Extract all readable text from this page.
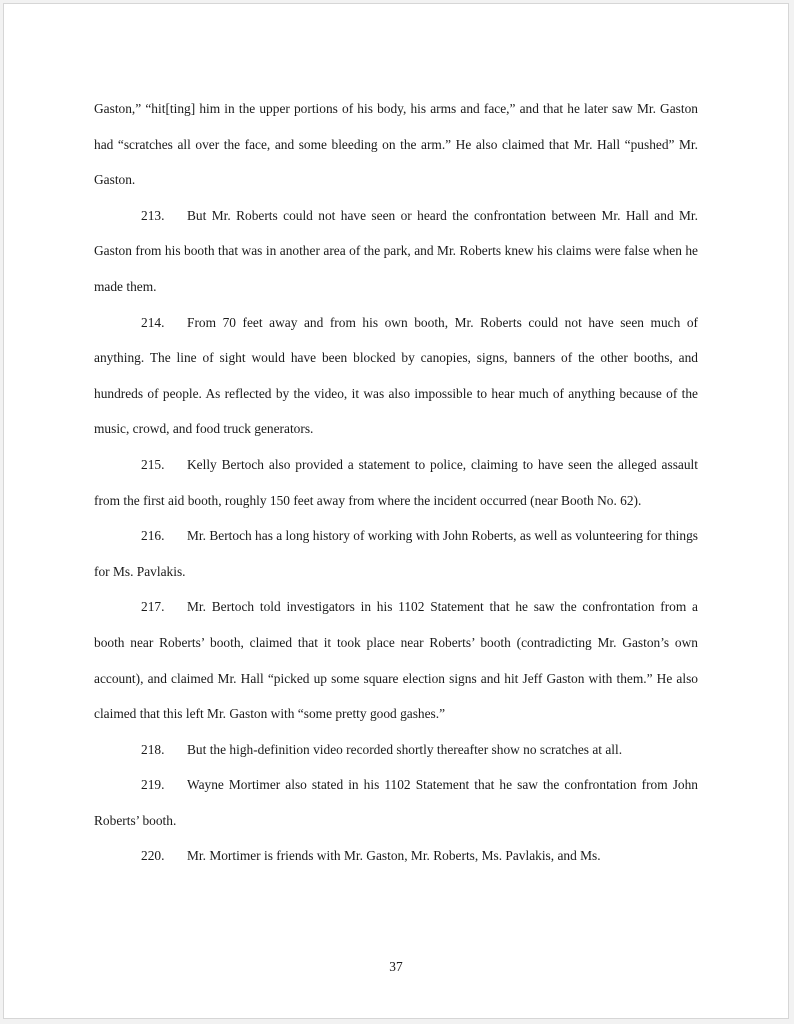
Gaston,” “hit[ting] him in the upper portions of his body, his arms and face,” and that he later saw Mr. Gaston had “scratches all over the face, and some bleeding on the arm.” He also claimed that Mr. Hall “pushed” Mr. Gaston.

213. But Mr. Roberts could not have seen or heard the confrontation between Mr. Hall and Mr. Gaston from his booth that was in another area of the park, and Mr. Roberts knew his claims were false when he made them.

214. From 70 feet away and from his own booth, Mr. Roberts could not have seen much of anything. The line of sight would have been blocked by canopies, signs, banners of the other booths, and hundreds of people. As reflected by the video, it was also impossible to hear much of anything because of the music, crowd, and food truck generators.

215. Kelly Bertoch also provided a statement to police, claiming to have seen the alleged assault from the first aid booth, roughly 150 feet away from where the incident occurred (near Booth No. 62).

216. Mr. Bertoch has a long history of working with John Roberts, as well as volunteering for things for Ms. Pavlakis.

217. Mr. Bertoch told investigators in his 1102 Statement that he saw the confrontation from a booth near Roberts’ booth, claimed that it took place near Roberts’ booth (contradicting Mr. Gaston’s own account), and claimed Mr. Hall “picked up some square election signs and hit Jeff Gaston with them.” He also claimed that this left Mr. Gaston with “some pretty good gashes.”

218. But the high-definition video recorded shortly thereafter show no scratches at all.

219. Wayne Mortimer also stated in his 1102 Statement that he saw the confrontation from John Roberts’ booth.

220. Mr. Mortimer is friends with Mr. Gaston, Mr. Roberts, Ms. Pavlakis, and Ms.

37
